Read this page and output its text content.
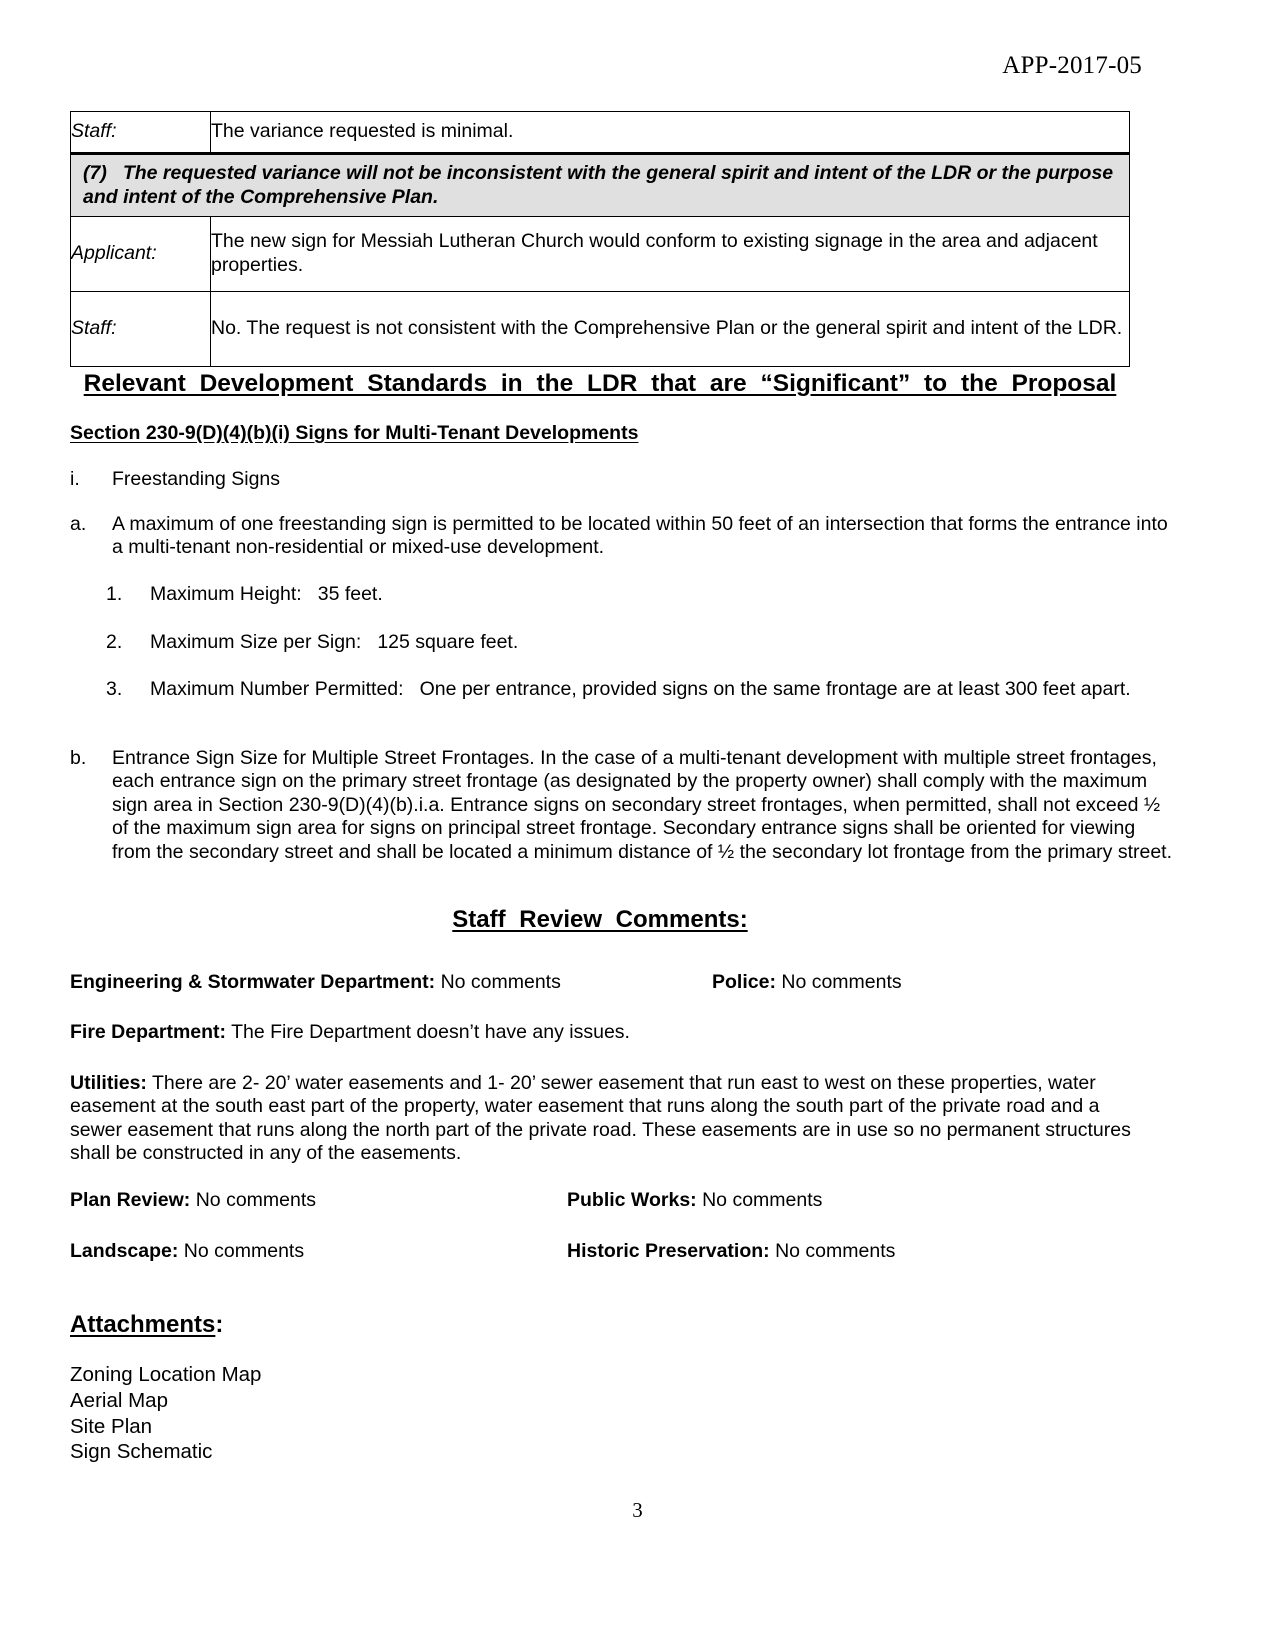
APP-2017-05
Staff:	The variance requested is minimal.
(7) The requested variance will not be inconsistent with the general spirit and intent of the LDR or the purpose and intent of the Comprehensive Plan.	
Applicant:	The new sign for Messiah Lutheran Church would conform to existing signage in the area and adjacent properties.
Staff:	No. The request is not consistent with the Comprehensive Plan or the general spirit and intent of the LDR.
Relevant Development Standards in the LDR that are “Significant” to the Proposal
Section 230-9(D)(4)(b)(i) Signs for Multi-Tenant Developments
i. Freestanding Signs
a. A maximum of one freestanding sign is permitted to be located within 50 feet of an intersection that forms the entrance into a multi-tenant non-residential or mixed-use development.
1. Maximum Height: 35 feet.
2. Maximum Size per Sign: 125 square feet.
3. Maximum Number Permitted: One per entrance, provided signs on the same frontage are at least 300 feet apart.
b. Entrance Sign Size for Multiple Street Frontages. In the case of a multi-tenant development with multiple street frontages, each entrance sign on the primary street frontage (as designated by the property owner) shall comply with the maximum sign area in Section 230-9(D)(4)(b).i.a. Entrance signs on secondary street frontages, when permitted, shall not exceed ½ of the maximum sign area for signs on principal street frontage. Secondary entrance signs shall be oriented for viewing from the secondary street and shall be located a minimum distance of ½ the secondary lot frontage from the primary street.
Staff Review Comments:
Engineering & Stormwater Department: No comments	Police: No comments
Fire Department: The Fire Department doesn’t have any issues.
Utilities: There are 2- 20’ water easements and 1- 20’ sewer easement that run east to west on these properties, water easement at the south east part of the property, water easement that runs along the south part of the private road and a sewer easement that runs along the north part of the private road. These easements are in use so no permanent structures shall be constructed in any of the easements.
Plan Review: No comments	Public Works: No comments
Landscape: No comments	Historic Preservation: No comments
Attachments:
Zoning Location Map
Aerial Map
Site Plan
Sign Schematic
3
